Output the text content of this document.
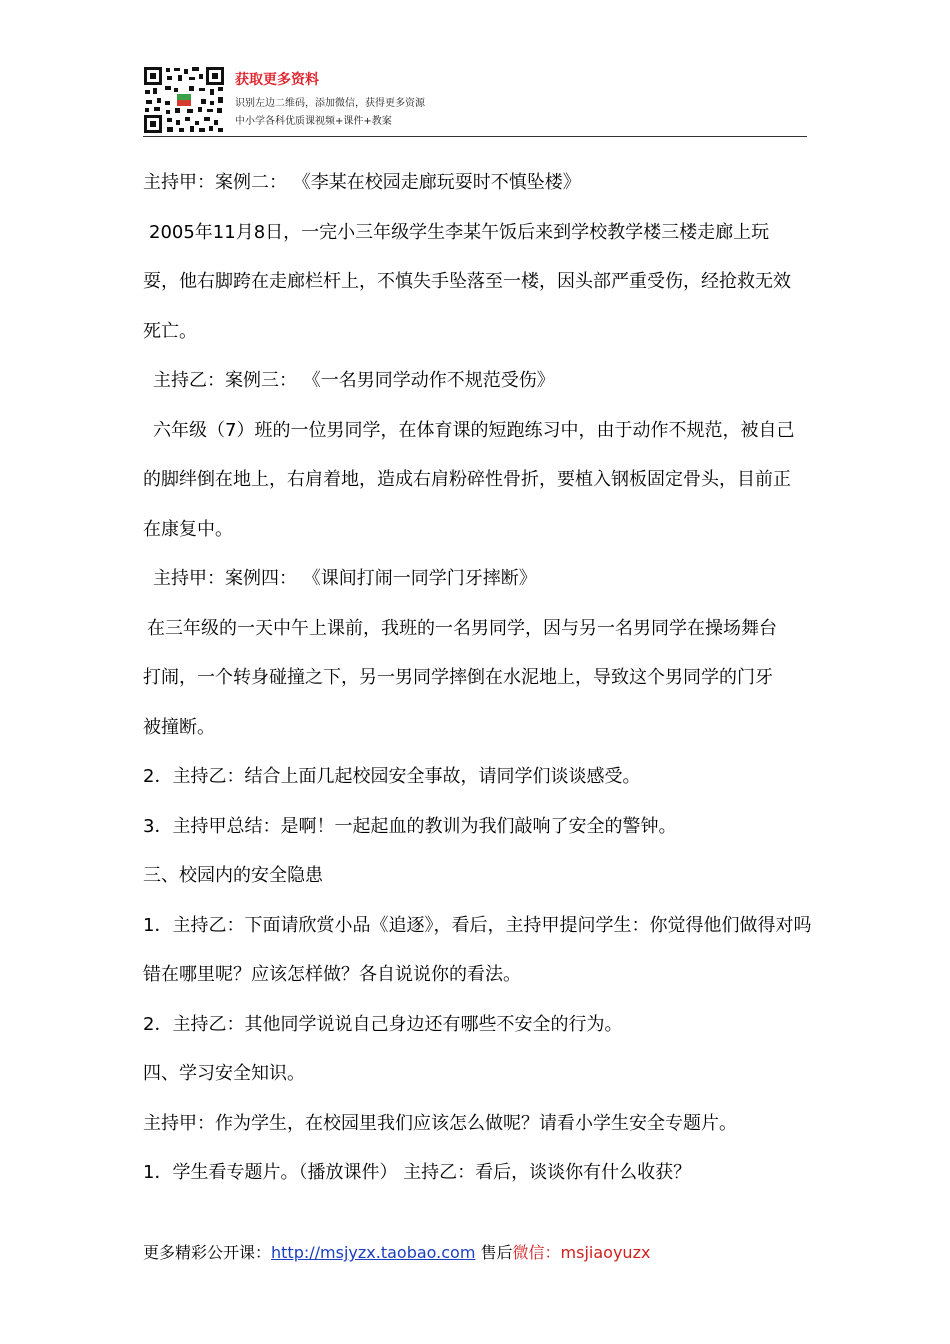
获取更多资料
识别左边二维码，添加微信，获得更多资源
中小学各科优质课视频+课件+教案

主持甲：案例二： 《李某在校园走廊玩耍时不慎坠楼》

2005年11月8日，一完小三年级学生李某午饭后来到学校教学楼三楼走廊上玩

耍，他右脚跨在走廊栏杆上，不慎失手坠落至一楼，因头部严重受伤，经抢救无效

死亡。

主持乙：案例三： 《一名男同学动作不规范受伤》

六年级（7）班的一位男同学，在体育课的短跑练习中，由于动作不规范，被自己

的脚绊倒在地上，右肩着地，造成右肩粉碎性骨折，要植入钢板固定骨头，目前正

在康复中。

主持甲：案例四： 《课间打闹一同学门牙摔断》

在三年级的一天中午上课前，我班的一名男同学，因与另一名男同学在操场舞台

打闹，一个转身碰撞之下，另一男同学摔倒在水泥地上，导致这个男同学的门牙

被撞断。

2．主持乙：结合上面几起校园安全事故，请同学们谈谈感受。

3．主持甲总结：是啊！一起起血的教训为我们敲响了安全的警钟。

三、校园内的安全隐患

1．主持乙：下面请欣赏小品《追逐》，看后，主持甲提问学生：你觉得他们做得对吗

错在哪里呢？应该怎样做？各自说说你的看法。

2．主持乙：其他同学说说自己身边还有哪些不安全的行为。

四、学习安全知识。

主持甲：作为学生，在校园里我们应该怎么做呢？请看小学生安全专题片。

1．学生看专题片。（播放课件） 主持乙：看后，谈谈你有什么收获？

更多精彩公开课：http://msjyzx.taobao.com 售后微信：msjiaoyuzx
